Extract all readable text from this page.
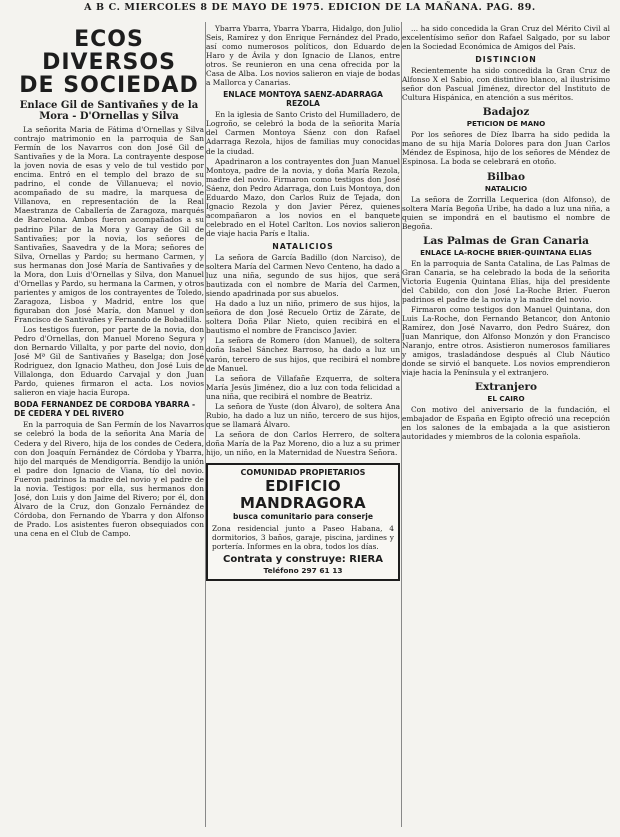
A B C. MIERCOLES 8 DE MAYO DE 1975. EDICION DE LA MAÑANA. PAG. 89.
ECOS DIVERSOS
DE SOCIEDAD
Enlace Gil de Santivañes y de la Mora - D'Ornellas y Silva

La señorita Maria de Fátima d'Ornellas y Silva contrajo matrimonio en la parroquia de San Fermín de los Navarros con don José Gil de Santivañes y de la Mora. La contrayente despose la joven novia de esas y velo de tul vestido por encima. Entró en el templo del brazo de su padrino, el conde de Villanueva; el novio, acompañado de su madre, la marquesa de Villanova, en representación de la Real Maestranza de Caballería de Zaragoza, marqués de Barcelona. Ambos fueron acompañados a su padrino Pilar de la Mora y Garay de Gil de Santivañes; por la novia, los señores de Santivañes, Saavedra y de la Mora; señores de Silva, Ornellas y Pardo; su hermano Carmen, y sus hermanas don José María de Santivañes y de la Mora, don Luis d'Ornellas y Silva, don Manuel d'Ornellas y Pardo, su hermana la Carmen, y otros parientes y amigos de los contrayentes de Toledo, Zaragoza, Lisboa y Madrid, entre los que figuraban don José María, don Manuel y don Francisco de Santivañes y Fernando de Bobadilla.

Los testigos fueron, por parte de la novia, don Pedro d'Ornellas, don Manuel Moreno Segura y don Bernardo Villalta, y por parte del novio, don José Mª Gil de Santivañes y Baselga; don José Rodriguez, don Ignacio Matheu, don José Luis de Villalonga, don Eduardo Carvajal y don Juan Pardo, quienes firmaron el acta. Los novios salieron en viaje hacia Europa.

BODA FERNANDEZ DE CORDOBA YBARRA - DE CEDERA Y DEL RIVERO

En la parroquia de San Fermín de los Navarros se celebró la boda de la señorita Ana María de Cedera y del Rivero, hija de los condes de Cedera, con don Joaquín Fernández de Córdoba y Ybarra, hijo del marqués de Mendigorría. Bendijo la unión el padre don Ignacio de Viana, tío del novio. Fueron padrinos la madre del novio y el padre de la novia. Testigos: por ella, sus hermanos don José, don Luis y don Jaime del Rivero; por él, don Álvaro de la Cruz, don Gonzalo Fernández de Córdoba, don Fernando de Ybarra y don Alfonso de Prado. Los asistentes fueron obsequiados con una cena en el Club de Campo.

Ybarra Ybarra, Ybarra Ybarra, Hidalgo, don Julio Seis, Ramírez y don Enrique Fernández del Prado, así como numerosos políticos, don Eduardo de Haro y de Ávila y don Ignacio de Llanos, entre otros. Se reunieron en una cena ofrecida por la Casa de Alba. Los novios salieron en viaje de bodas a Mallorca y Canarias.

ENLACE MONTOYA SAENZ-ADARRAGA REZOLA

En la iglesia de Santo Cristo del Humilladero, de Logroño, se celebró la boda de la señorita María del Carmen Montoya Sáenz con don Rafael Adarraga Rezola, hijos de familias muy conocidas de la ciudad.

Apadrinaron a los contrayentes don Juan Manuel Montoya, padre de la novia, y doña María Rezola, madre del novio. Firmaron como testigos don José Sáenz, don Pedro Adarraga, don Luis Montoya, don Eduardo Mazo, don Carlos Ruiz de Tejada, don Ignacio Rezola y don Javier Pérez, quienes acompañaron a los novios en el banquete celebrado en el Hotel Carlton. Los novios salieron de viaje hacia París e Italia.

NATALICIOS

La señora de García Badillo (don Narciso), de soltera María del Carmen Nevo Centeno, ha dado a luz una niña, segundo de sus hijos, que será bautizada con el nombre de María del Carmen, siendo apadrinada por sus abuelos.

Ha dado a luz un niño, primero de sus hijos, la señora de don José Recuelo Ortiz de Zárate, de soltera Doña Pilar Nieto, quien recibirá en el bautismo el nombre de Francisco Javier.

La señora de Romero (don Manuel), de soltera doña Isabel Sánchez Barroso, ha dado a luz un varón, tercero de sus hijos, que recibirá el nombre de Manuel.

La señora de Villafañe Ezquerra, de soltera María Jesús Jiménez, dio a luz con toda felicidad a una niña, que recibirá el nombre de Beatriz.

La señora de Yuste (don Álvaro), de soltera Ana Rubio, ha dado a luz un niño, tercero de sus hijos, que se llamará Álvaro.

La señora de don Carlos Herrero, de soltera doña María de la Paz Moreno, dio a luz a su primer hijo, un niño, en la Maternidad de Nuestra Señora.

COMUNIDAD PROPIETARIOS
EDIFICIO MANDRAGORA
busca comunitario para conserje
Zona residencial junto a Paseo Habana, 4 dormitorios, 3 baños, garaje, piscina, jardines y portería. Informes en la obra, todos los días.
Contrata y construye: RIERA
Teléfono 297 61 13

... ha sido concedida la Gran Cruz del Mérito Civil al excelentísimo señor don Rafael Salgado, por su labor en la Sociedad Económica de Amigos del País.

DISTINCION

Recientemente ha sido concedida la Gran Cruz de Alfonso X el Sabio, con distintivo blanco, al ilustrísimo señor don Pascual Jiménez, director del Instituto de Cultura Hispánica, en atención a sus méritos.

Badajoz
PETICION DE MANO

Por los señores de Díez Ibarra ha sido pedida la mano de su hija María Dolores para don Juan Carlos Méndez de Espinosa, hijo de los señores de Méndez de Espinosa. La boda se celebrará en otoño.

Bilbao
NATALICIO

La señora de Zorrilla Lequerica (don Alfonso), de soltera María Begoña Uribe, ha dado a luz una niña, a quien se impondrá en el bautismo el nombre de Begoña.

Las Palmas de Gran Canaria
ENLACE LA-ROCHE BRIER-QUINTANA ELIAS

En la parroquia de Santa Catalina, de Las Palmas de Gran Canaria, se ha celebrado la boda de la señorita Victoria Eugenia Quintana Elías, hija del presidente del Cabildo, con don José La-Roche Brier. Fueron padrinos el padre de la novia y la madre del novio.

Firmaron como testigos don Manuel Quintana, don Luis La-Roche, don Fernando Betancor, don Antonio Ramírez, don José Navarro, don Pedro Suárez, don Juan Manrique, don Alfonso Monzón y don Francisco Naranjo, entre otros. Asistieron numerosos familiares y amigos, trasladándose después al Club Náutico donde se sirvió el banquete. Los novios emprendieron viaje hacia la Península y el extranjero.

Extranjero
EL CAIRO

Con motivo del aniversario de la fundación, el embajador de España en Egipto ofreció una recepción en los salones de la embajada a la que asistieron autoridades y miembros de la colonia española.
